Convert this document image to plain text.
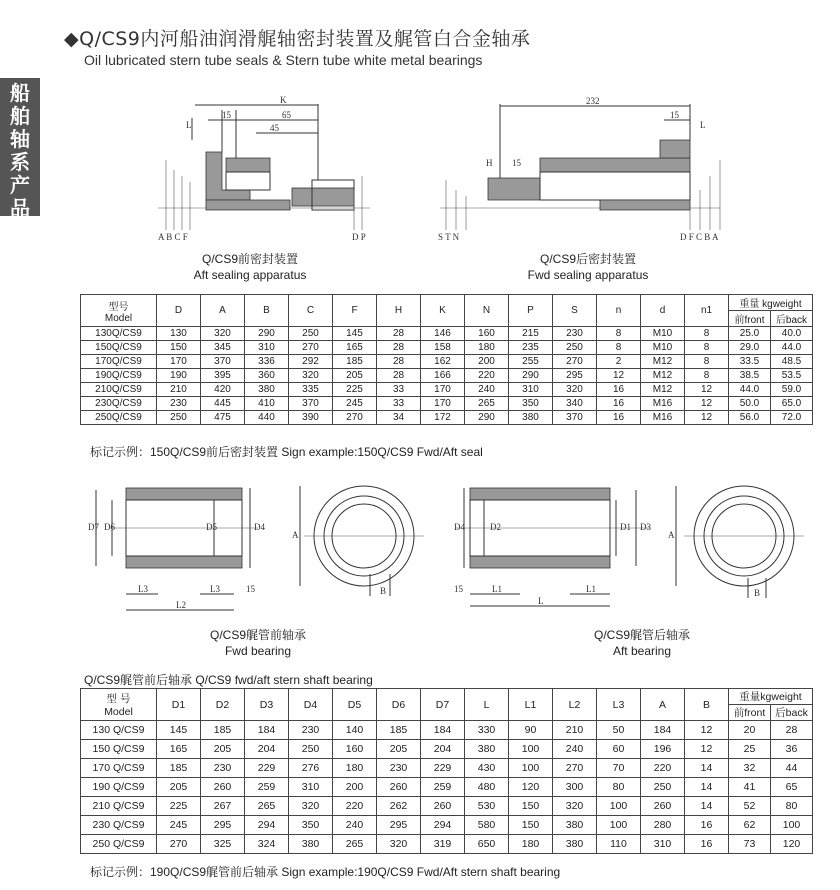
◆Q/CS9内河船油润滑艉轴密封装置及艉管白合金轴承
Oil lubricated stern tube seals & Stern tube white metal bearings
船
舶
轴
系
产
品
K
65
45
15
L
A B C F	D P
232
15
H 15
L
S T N	D F C B A
D7 D6	D5	D4
L3	L3	15
L2
A
B
D4	D2	D1 D3
15	L1	L1
L
A
B
Q/CS9前密封装置
Aft sealing apparatus
Q/CS9后密封装置
Fwd sealing apparatus
Q/CS9艉管前轴承
Fwd bearing
Q/CS9艉管后轴承
Aft bearing
型号
Model	D	A	B	C	F	H	K	N	P	S	n	d	n1	重量 kgweight	
														前front	后back
130Q/CS9	130	320	290	250	145	28	146	160	215	230	8	M10	8	25.0	40.0
150Q/CS9	150	345	310	270	165	28	158	180	235	250	8	M10	8	29.0	44.0
170Q/CS9	170	370	336	292	185	28	162	200	255	270	2	M12	8	33.5	48.5
190Q/CS9	190	395	360	320	205	28	166	220	290	295	12	M12	8	38.5	53.5
210Q/CS9	210	420	380	335	225	33	170	240	310	320	16	M12	12	44.0	59.0
230Q/CS9	230	445	410	370	245	33	170	265	350	340	16	M16	12	50.0	65.0
250Q/CS9	250	475	440	390	270	34	172	290	380	370	16	M16	12	56.0	72.0
标记示例：150Q/CS9前后密封装置 Sign example:150Q/CS9 Fwd/Aft seal
Q/CS9艉管前后轴承 Q/CS9 fwd/aft stern shaft bearing
型 号
Model	D1	D2	D3	D4	D5	D6	D7	L	L1	L2	L3	A	B	重量kgweight	
														前front	后back
130 Q/CS9	145	185	184	230	140	185	184	330	90	210	50	184	12	20	28
150 Q/CS9	165	205	204	250	160	205	204	380	100	240	60	196	12	25	36
170 Q/CS9	185	230	229	276	180	230	229	430	100	270	70	220	14	32	44
190 Q/CS9	205	260	259	310	200	260	259	480	120	300	80	250	14	41	65
210 Q/CS9	225	267	265	320	220	262	260	530	150	320	100	260	14	52	80
230 Q/CS9	245	295	294	350	240	295	294	580	150	380	100	280	16	62	100
250 Q/CS9	270	325	324	380	265	320	319	650	180	380	110	310	16	73	120
标记示例：190Q/CS9艉管前后轴承 Sign example:190Q/CS9 Fwd/Aft stern shaft bearing
